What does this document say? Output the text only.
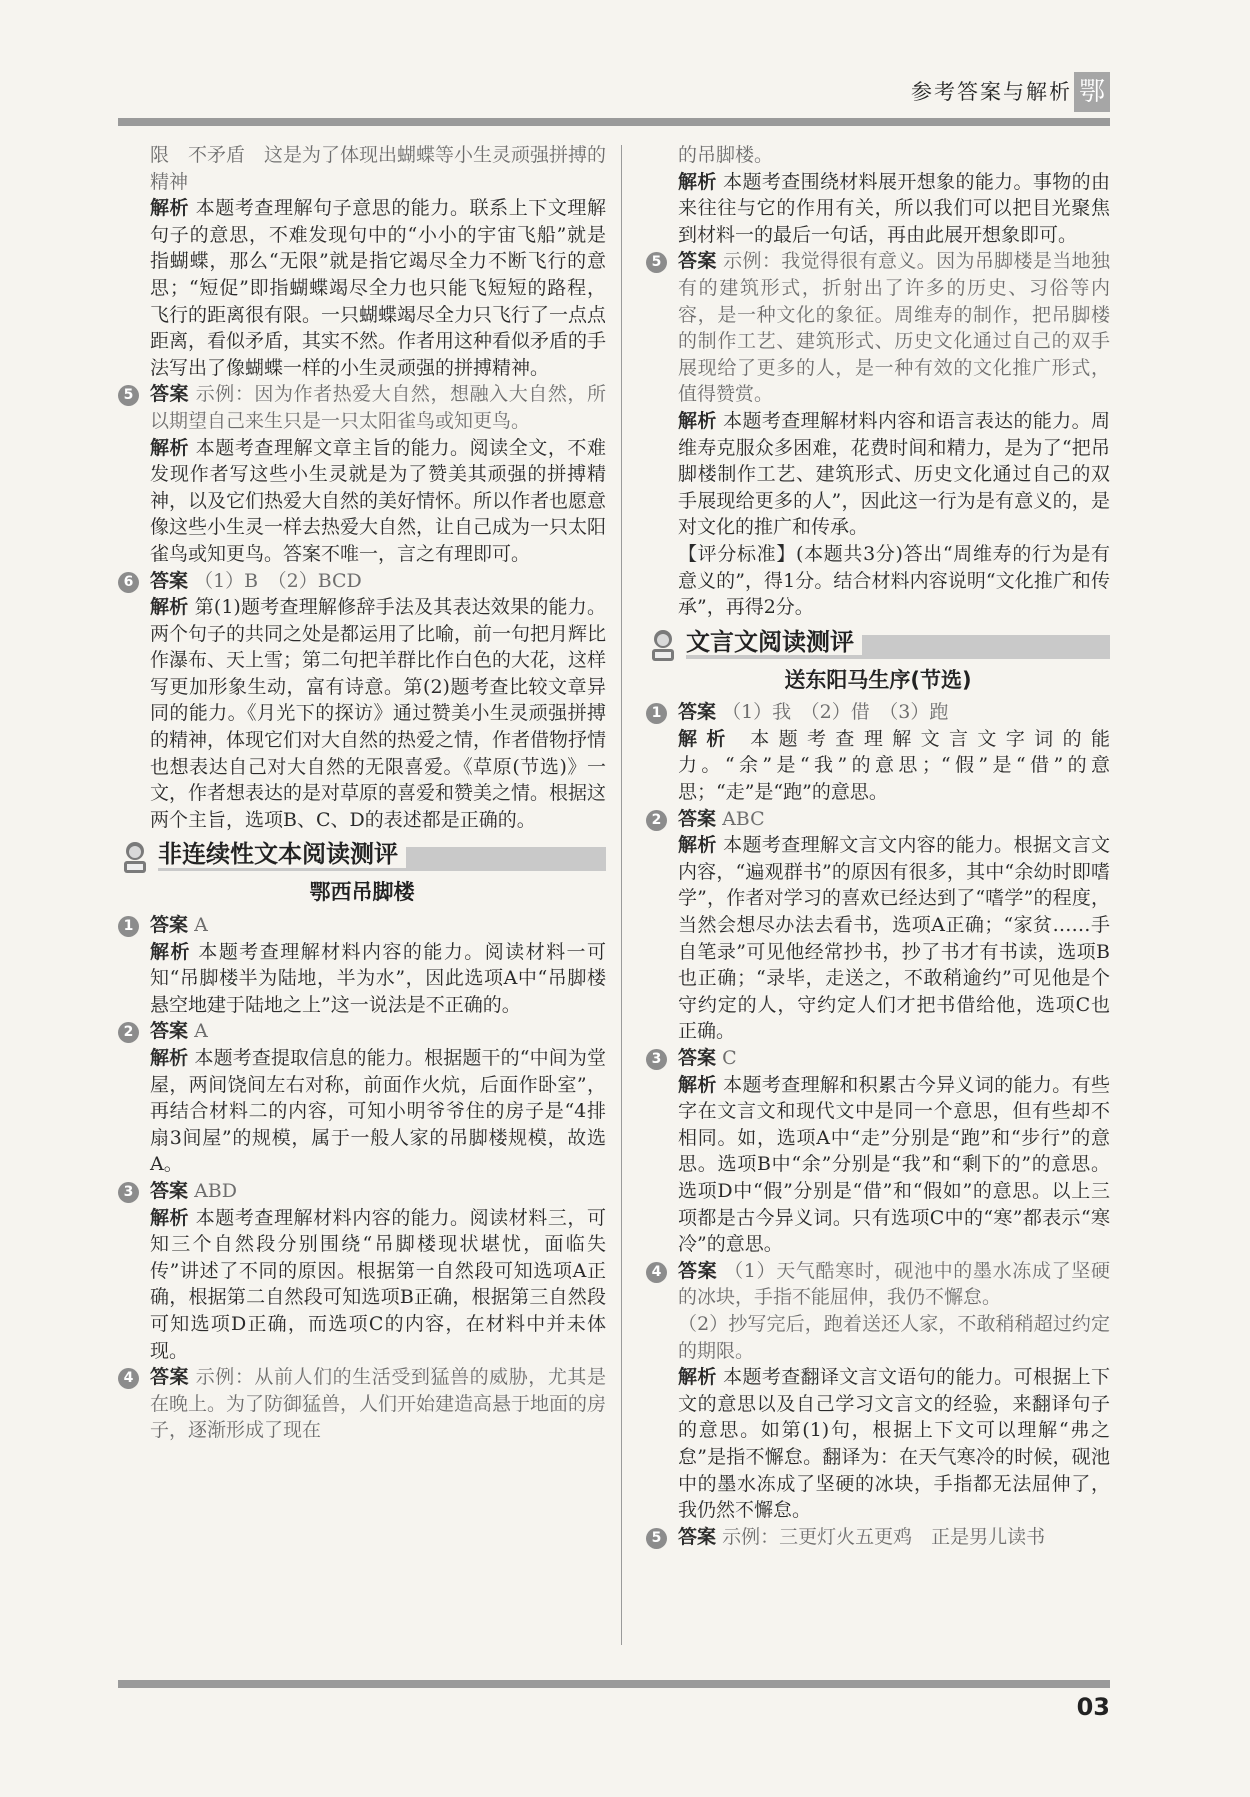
参考答案与解析 鄂
限　不矛盾　这是为了体现出蝴蝶等小生灵顽强拼搏的精神
解析 本题考查理解句子意思的能力。联系上下文理解句子的意思，不难发现句中的“小小的宇宙飞船”就是指蝴蝶，那么“无限”就是指它竭尽全力不断飞行的意思；“短促”即指蝴蝶竭尽全力也只能飞短短的路程，飞行的距离很有限。一只蝴蝶竭尽全力只飞行了一点点距离，看似矛盾，其实不然。作者用这种看似矛盾的手法写出了像蝴蝶一样的小生灵顽强的拼搏精神。
5 答案 示例：因为作者热爱大自然，想融入大自然，所以期望自己来生只是一只太阳雀鸟或知更鸟。
解析 本题考查理解文章主旨的能力。阅读全文，不难发现作者写这些小生灵就是为了赞美其顽强的拼搏精神，以及它们热爱大自然的美好情怀。所以作者也愿意像这些小生灵一样去热爱大自然，让自己成为一只太阳雀鸟或知更鸟。答案不唯一，言之有理即可。
6 答案 （1）B　（2）BCD
解析 第(1)题考查理解修辞手法及其表达效果的能力。两个句子的共同之处是都运用了比喻，前一句把月辉比作瀑布、天上雪；第二句把羊群比作白色的大花，这样写更加形象生动，富有诗意。第(2)题考查比较文章异同的能力。《月光下的探访》通过赞美小生灵顽强拼搏的精神，体现它们对大自然的热爱之情，作者借物抒情也想表达自己对大自然的无限喜爱。《草原(节选)》一文，作者想表达的是对草原的喜爱和赞美之情。根据这两个主旨，选项B、C、D的表述都是正确的。
非连续性文本阅读测评
鄂西吊脚楼
1 答案 A
解析 本题考查理解材料内容的能力。阅读材料一可知“吊脚楼半为陆地，半为水”，因此选项A中“吊脚楼悬空地建于陆地之上”这一说法是不正确的。
2 答案 A
解析 本题考查提取信息的能力。根据题干的“中间为堂屋，两间饶间左右对称，前面作火炕，后面作卧室”，再结合材料二的内容，可知小明爷爷住的房子是“4排扇3间屋”的规模，属于一般人家的吊脚楼规模，故选A。
3 答案 ABD
解析 本题考查理解材料内容的能力。阅读材料三，可知三个自然段分别围绕“吊脚楼现状堪忧，面临失传”讲述了不同的原因。根据第一自然段可知选项A正确，根据第二自然段可知选项B正确，根据第三自然段可知选项D正确，而选项C的内容，在材料中并未体现。
4 答案 示例：从前人们的生活受到猛兽的威胁，尤其是在晚上。为了防御猛兽，人们开始建造高悬于地面的房子，逐渐形成了现在
的吊脚楼。
解析 本题考查围绕材料展开想象的能力。事物的由来往往与它的作用有关，所以我们可以把目光聚焦到材料一的最后一句话，再由此展开想象即可。
5 答案 示例：我觉得很有意义。因为吊脚楼是当地独有的建筑形式，折射出了许多的历史、习俗等内容，是一种文化的象征。周维寿的制作，把吊脚楼的制作工艺、建筑形式、历史文化通过自己的双手展现给了更多的人，是一种有效的文化推广形式，值得赞赏。
解析 本题考查理解材料内容和语言表达的能力。周维寿克服众多困难，花费时间和精力，是为了“把吊脚楼制作工艺、建筑形式、历史文化通过自己的双手展现给更多的人”，因此这一行为是有意义的，是对文化的推广和传承。
【评分标准】(本题共3分)答出“周维寿的行为是有意义的”，得1分。结合材料内容说明“文化推广和传承”，再得2分。
文言文阅读测评
送东阳马生序(节选)
1 答案 （1）我　（2）借　（3）跑
解析 本题考查理解文言文字词的能力。“余”是“我”的意思；“假”是“借”的意思；“走”是“跑”的意思。
2 答案 ABC
解析 本题考查理解文言文内容的能力。根据文言文内容，“遍观群书”的原因有很多，其中“余幼时即嗜学”，作者对学习的喜欢已经达到了“嗜学”的程度，当然会想尽办法去看书，选项A正确；“家贫……手自笔录”可见他经常抄书，抄了书才有书读，选项B也正确；“录毕，走送之，不敢稍逾约”可见他是个守约定的人，守约定人们才把书借给他，选项C也正确。
3 答案 C
解析 本题考查理解和积累古今异义词的能力。有些字在文言文和现代文中是同一个意思，但有些却不相同。如，选项A中“走”分别是“跑”和“步行”的意思。选项B中“余”分别是“我”和“剩下的”的意思。选项D中“假”分别是“借”和“假如”的意思。以上三项都是古今异义词。只有选项C中的“寒”都表示“寒冷”的意思。
4 答案 （1）天气酷寒时，砚池中的墨水冻成了坚硬的冰块，手指不能屈伸，我仍不懈怠。
（2）抄写完后，跑着送还人家，不敢稍稍超过约定的期限。
解析 本题考查翻译文言文语句的能力。可根据上下文的意思以及自己学习文言文的经验，来翻译句子的意思。如第(1)句，根据上下文可以理解“弗之怠”是指不懈怠。翻译为：在天气寒冷的时候，砚池中的墨水冻成了坚硬的冰块，手指都无法屈伸了，我仍然不懈怠。
5 答案 示例：三更灯火五更鸡　正是男儿读书
03
